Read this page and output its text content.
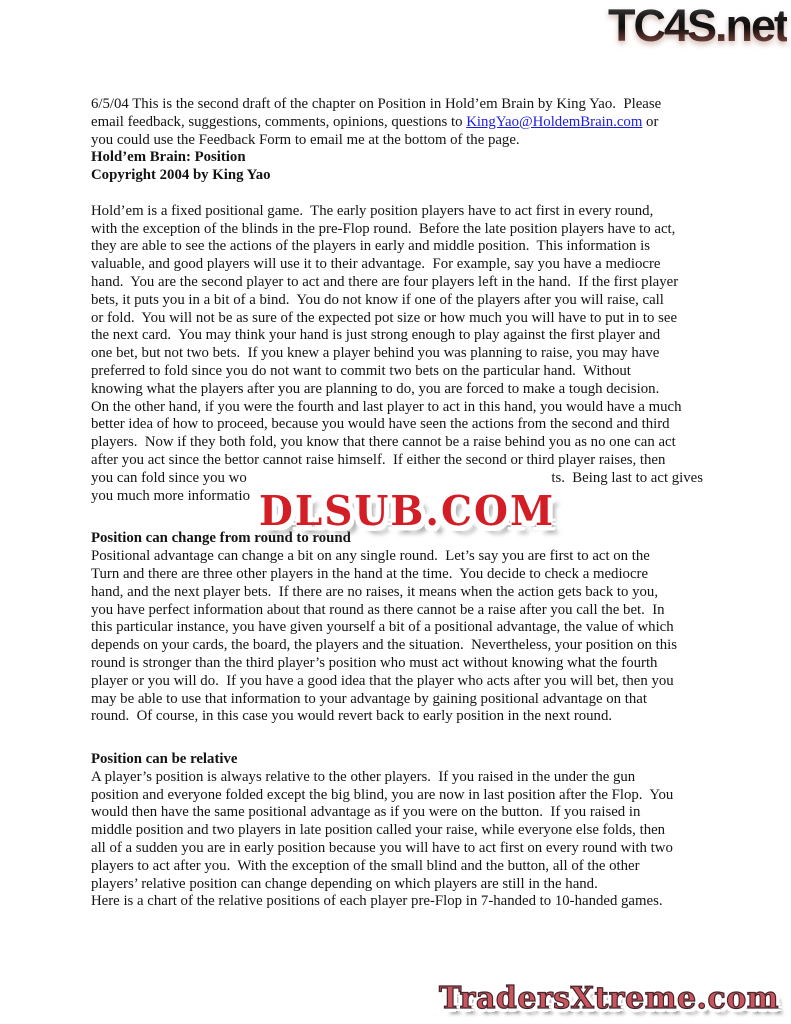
TC4S.net

6/5/04 This is the second draft of the chapter on Position in Hold’em Brain by King Yao.  Please
email feedback, suggestions, comments, opinions, questions to KingYao@HoldemBrain.com or
you could use the Feedback Form to email me at the bottom of the page.

Hold’em Brain: Position
Copyright 2004 by King Yao

Hold’em is a fixed positional game.  The early position players have to act first in every round,
with the exception of the blinds in the pre-Flop round.  Before the late position players have to act,
they are able to see the actions of the players in early and middle position.  This information is
valuable, and good players will use it to their advantage.  For example, say you have a mediocre
hand.  You are the second player to act and there are four players left in the hand.  If the first player
bets, it puts you in a bit of a bind.  You do not know if one of the players after you will raise, call
or fold.  You will not be as sure of the expected pot size or how much you will have to put in to see
the next card.  You may think your hand is just strong enough to play against the first player and
one bet, but not two bets.  If you knew a player behind you was planning to raise, you may have
preferred to fold since you do not want to commit two bets on the particular hand.  Without
knowing what the players after you are planning to do, you are forced to make a tough decision.
On the other hand, if you were the fourth and last player to act in this hand, you would have a much
better idea of how to proceed, because you would have seen the actions from the second and third
players.  Now if they both fold, you know that there cannot be a raise behind you as no one can act
after you act since the bettor cannot raise himself.  If either the second or third player raises, then
you can fold since you wo	ts.  Being last to act gives
you much more informatio
Position can change from round to round
Positional advantage can change a bit on any single round.  Let’s say you are first to act on the
Turn and there are three other players in the hand at the time.  You decide to check a mediocre
hand, and the next player bets.  If there are no raises, it means when the action gets back to you,
you have perfect information about that round as there cannot be a raise after you call the bet.  In
this particular instance, you have given yourself a bit of a positional advantage, the value of which
depends on your cards, the board, the players and the situation.  Nevertheless, your position on this
round is stronger than the third player’s position who must act without knowing what the fourth
player or you will do.  If you have a good idea that the player who acts after you will bet, then you
may be able to use that information to your advantage by gaining positional advantage on that
round.  Of course, in this case you would revert back to early position in the next round.
Position can be relative
A player’s position is always relative to the other players.  If you raised in the under the gun
position and everyone folded except the big blind, you are now in last position after the Flop.  You
would then have the same positional advantage as if you were on the button.  If you raised in
middle position and two players in late position called your raise, while everyone else folds, then
all of a sudden you are in early position because you will have to act first on every round with two
players to act after you.  With the exception of the small blind and the button, all of the other
players’ relative position can change depending on which players are still in the hand.
Here is a chart of the relative positions of each player pre-Flop in 7-handed to 10-handed games.
DLSUB.COM
TradersXtreme.com
